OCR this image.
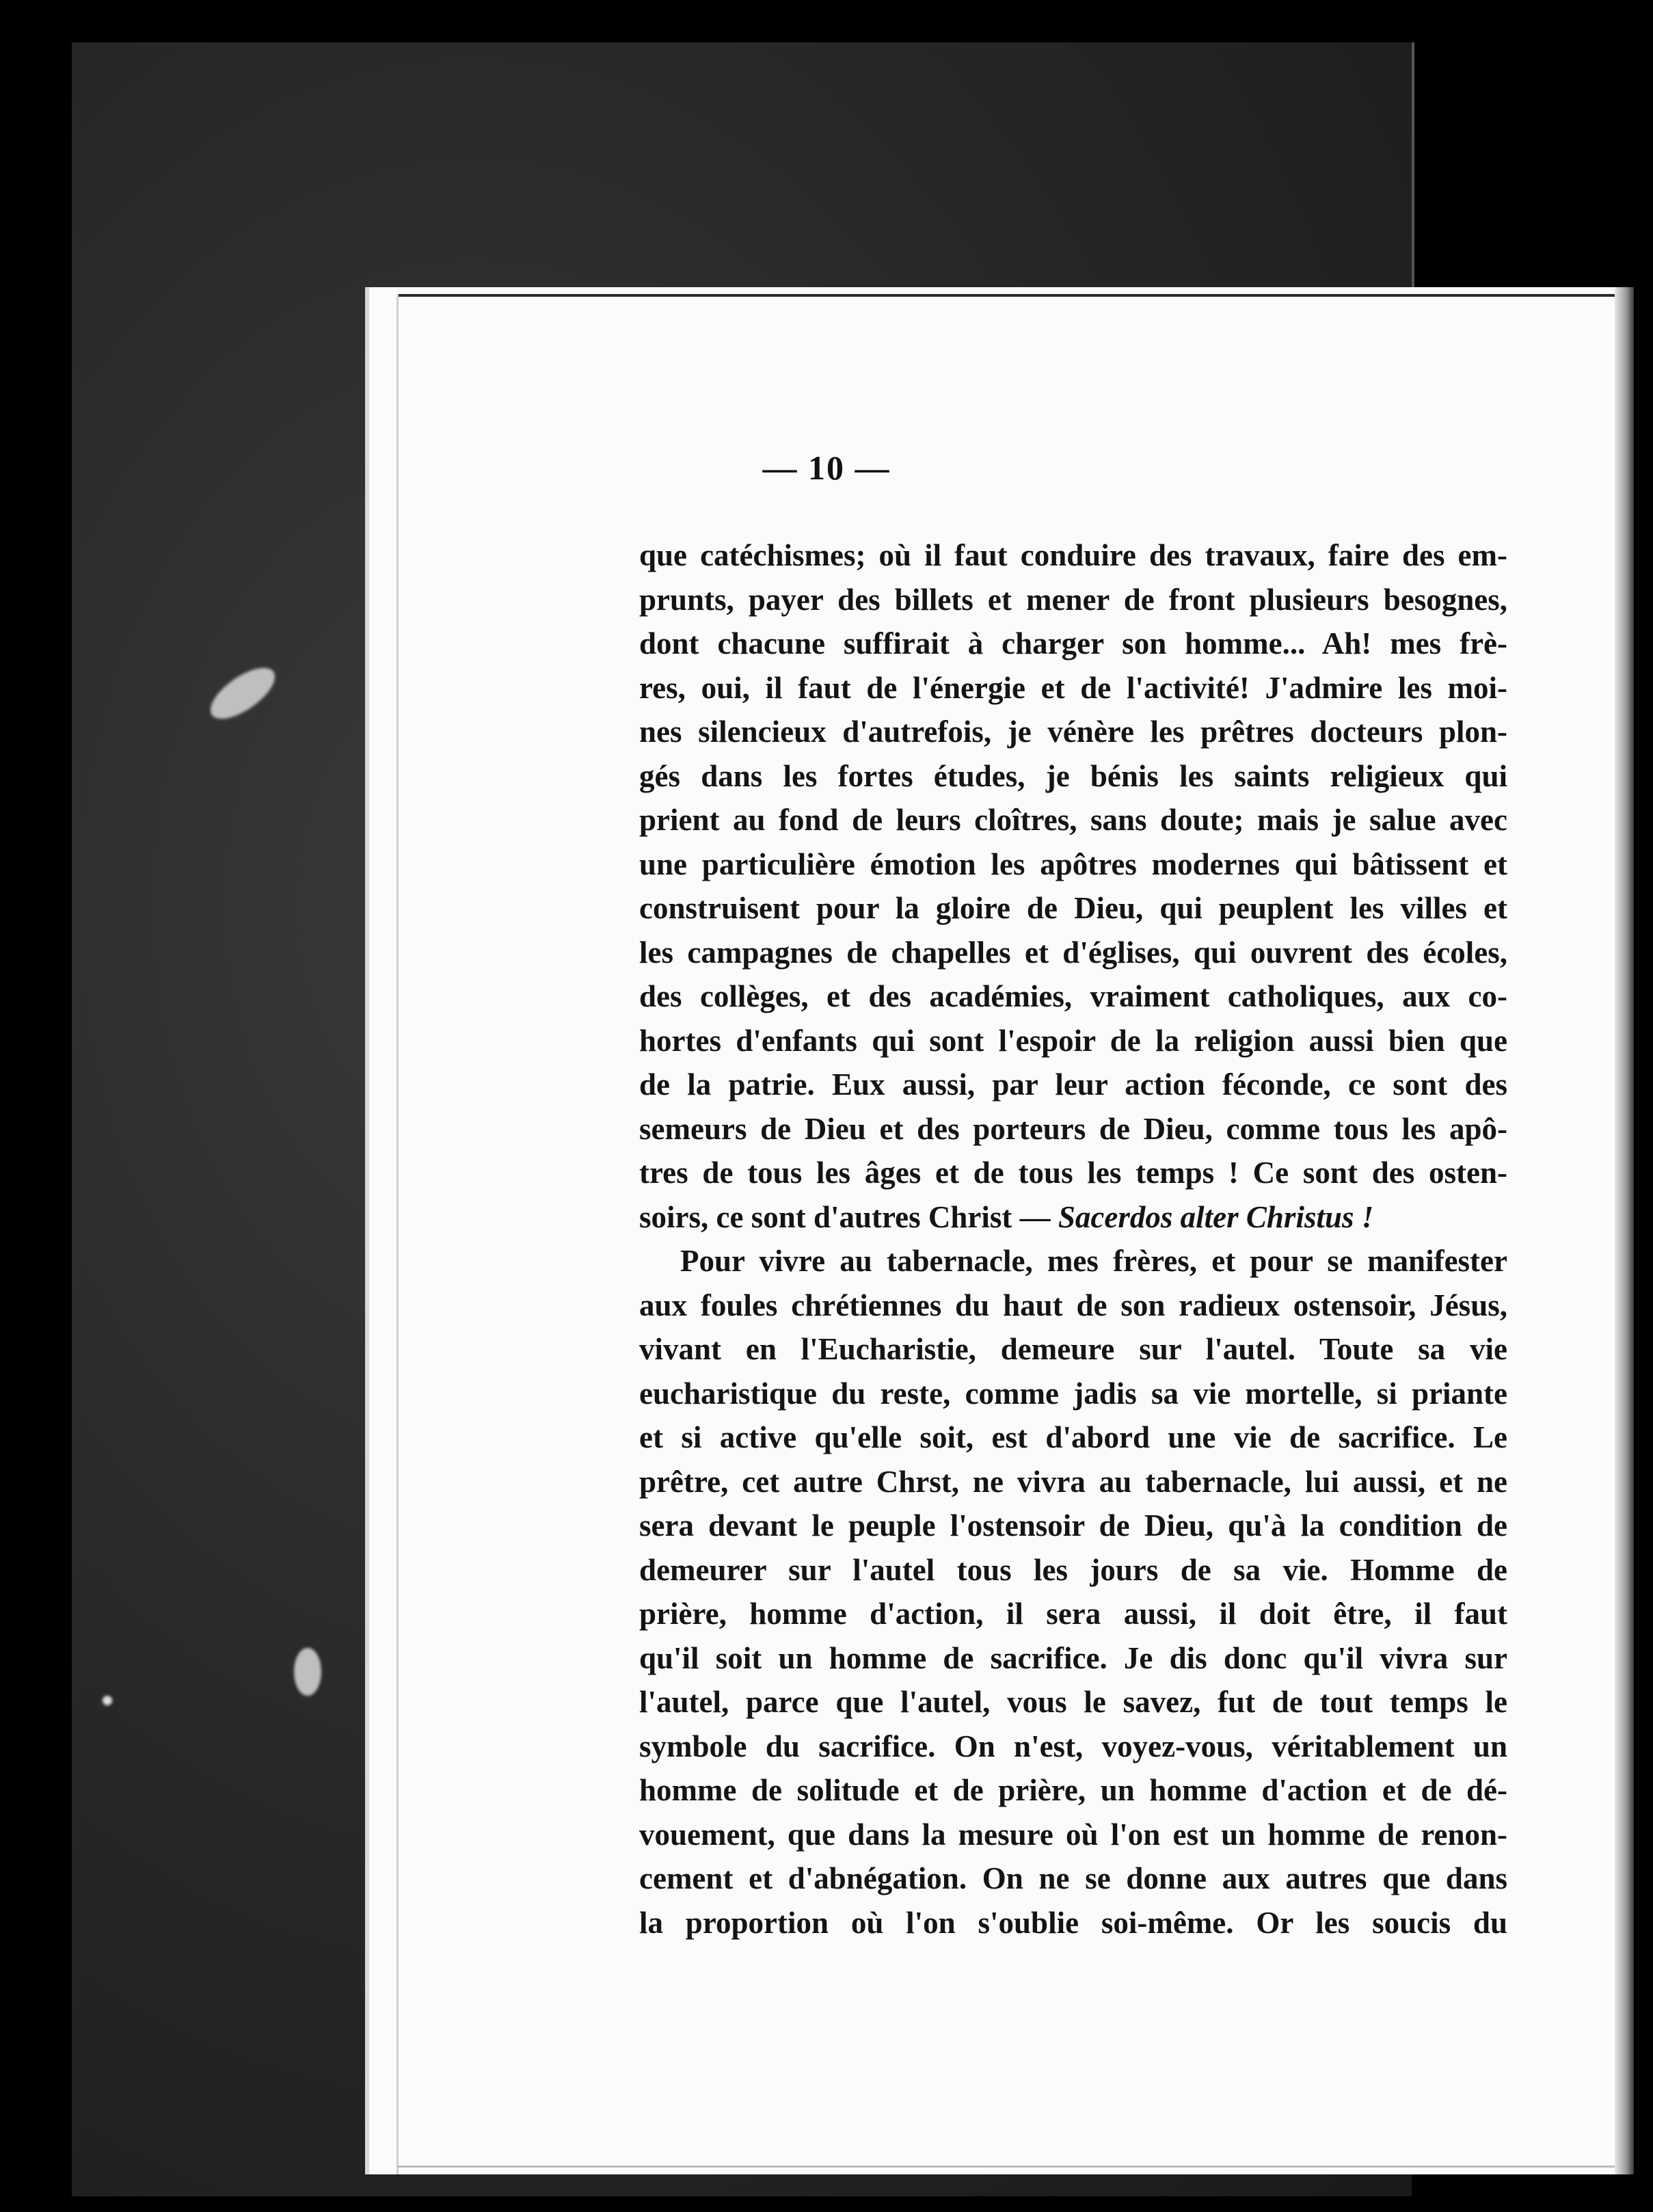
— 10 —
que catéchismes; où il faut conduire des travaux, faire des em-
prunts, payer des billets et mener de front plusieurs besognes,
dont chacune suffirait à charger son homme... Ah! mes frè-
res, oui, il faut de l'énergie et de l'activité! J'admire les moi-
nes silencieux d'autrefois, je vénère les prêtres docteurs plon-
gés dans les fortes études, je bénis les saints religieux qui
prient au fond de leurs cloîtres, sans doute; mais je salue avec
une particulière émotion les apôtres modernes qui bâtissent et
construisent pour la gloire de Dieu, qui peuplent les villes et
les campagnes de chapelles et d'églises, qui ouvrent des écoles,
des collèges, et des académies, vraiment catholiques, aux co-
hortes d'enfants qui sont l'espoir de la religion aussi bien que
de la patrie. Eux aussi, par leur action féconde, ce sont des
semeurs de Dieu et des porteurs de Dieu, comme tous les apô-
tres de tous les âges et de tous les temps ! Ce sont des osten-
soirs, ce sont d'autres Christ — Sacerdos alter Christus !
Pour vivre au tabernacle, mes frères, et pour se manifester
aux foules chrétiennes du haut de son radieux ostensoir, Jésus,
vivant en l'Eucharistie, demeure sur l'autel. Toute sa vie
eucharistique du reste, comme jadis sa vie mortelle, si priante
et si active qu'elle soit, est d'abord une vie de sacrifice. Le
prêtre, cet autre Chrst, ne vivra au tabernacle, lui aussi, et ne
sera devant le peuple l'ostensoir de Dieu, qu'à la condition de
demeurer sur l'autel tous les jours de sa vie. Homme de
prière, homme d'action, il sera aussi, il doit être, il faut
qu'il soit un homme de sacrifice. Je dis donc qu'il vivra sur
l'autel, parce que l'autel, vous le savez, fut de tout temps le
symbole du sacrifice. On n'est, voyez-vous, véritablement un
homme de solitude et de prière, un homme d'action et de dé-
vouement, que dans la mesure où l'on est un homme de renon-
cement et d'abnégation. On ne se donne aux autres que dans
la proportion où l'on s'oublie soi-même. Or les soucis du
